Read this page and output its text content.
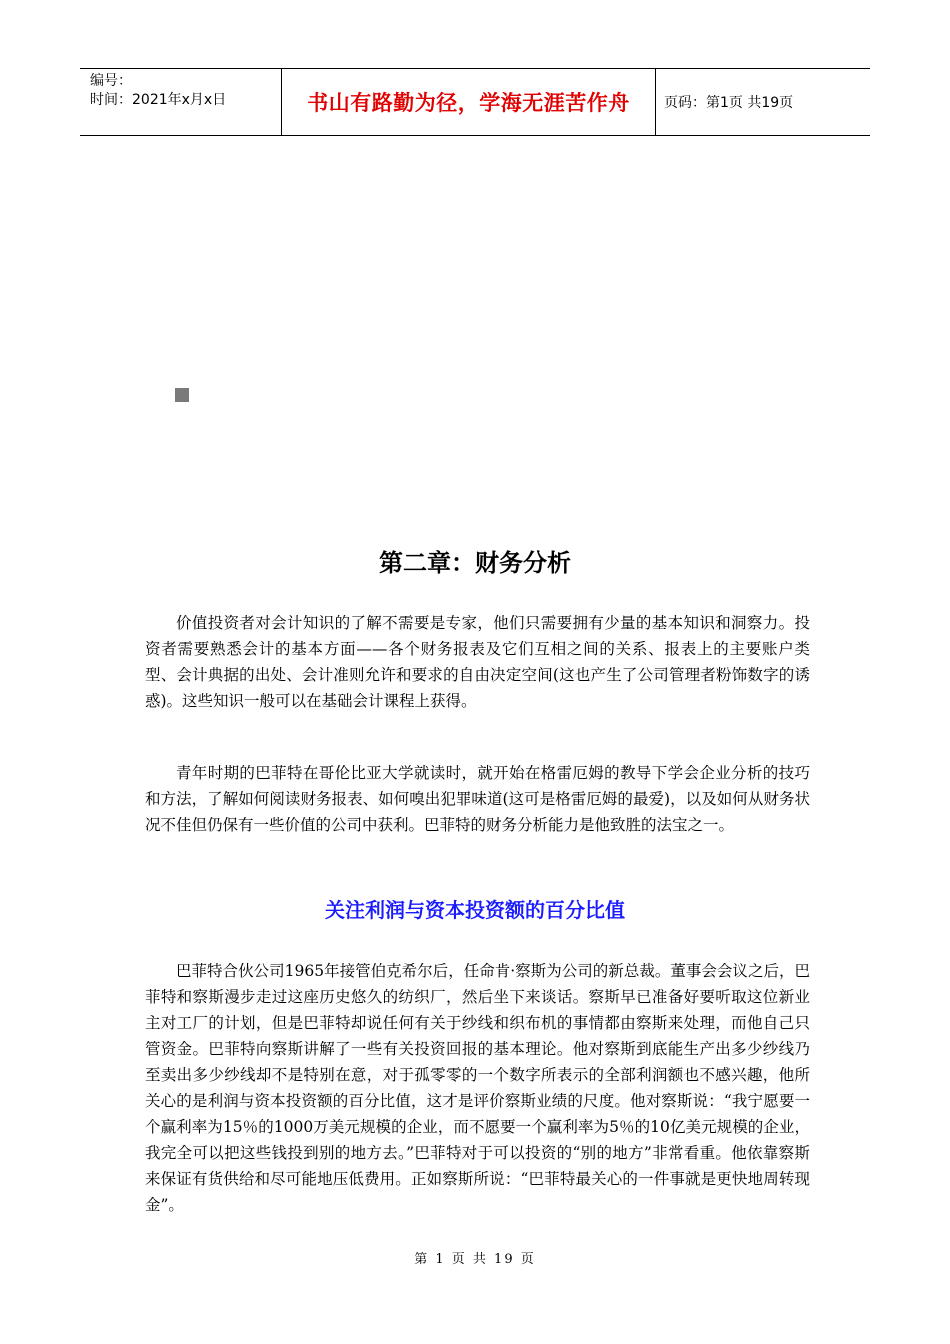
编号：
时间：2021年x月x日	书山有路勤为径，学海无涯苦作舟	页码：第1页 共19页
第二章：财务分析

价值投资者对会计知识的了解不需要是专家，他们只需要拥有少量的基本知识和洞察力。投资者需要熟悉会计的基本方面——各个财务报表及它们互相之间的关系、报表上的主要账户类型、会计典据的出处、会计准则允许和要求的自由决定空间(这也产生了公司管理者粉饰数字的诱惑)。这些知识一般可以在基础会计课程上获得。

青年时期的巴菲特在哥伦比亚大学就读时，就开始在格雷厄姆的教导下学会企业分析的技巧和方法，了解如何阅读财务报表、如何嗅出犯罪味道(这可是格雷厄姆的最爱)，以及如何从财务状况不佳但仍保有一些价值的公司中获利。巴菲特的财务分析能力是他致胜的法宝之一。

关注利润与资本投资额的百分比值

巴菲特合伙公司1965年接管伯克希尔后，任命肯·察斯为公司的新总裁。董事会会议之后，巴菲特和察斯漫步走过这座历史悠久的纺织厂，然后坐下来谈话。察斯早已准备好要听取这位新业主对工厂的计划，但是巴菲特却说任何有关于纱线和织布机的事情都由察斯来处理，而他自己只管资金。巴菲特向察斯讲解了一些有关投资回报的基本理论。他对察斯到底能生产出多少纱线乃至卖出多少纱线却不是特别在意，对于孤零零的一个数字所表示的全部利润额也不感兴趣，他所关心的是利润与资本投资额的百分比值，这才是评价察斯业绩的尺度。他对察斯说：“我宁愿要一个赢利率为15％的1000万美元规模的企业，而不愿要一个赢利率为5％的10亿美元规模的企业，我完全可以把这些钱投到别的地方去。”巴菲特对于可以投资的“别的地方”非常看重。他依靠察斯来保证有货供给和尽可能地压低费用。正如察斯所说：“巴菲特最关心的一件事就是更快地周转现金”。

第 1 页 共 19 页
